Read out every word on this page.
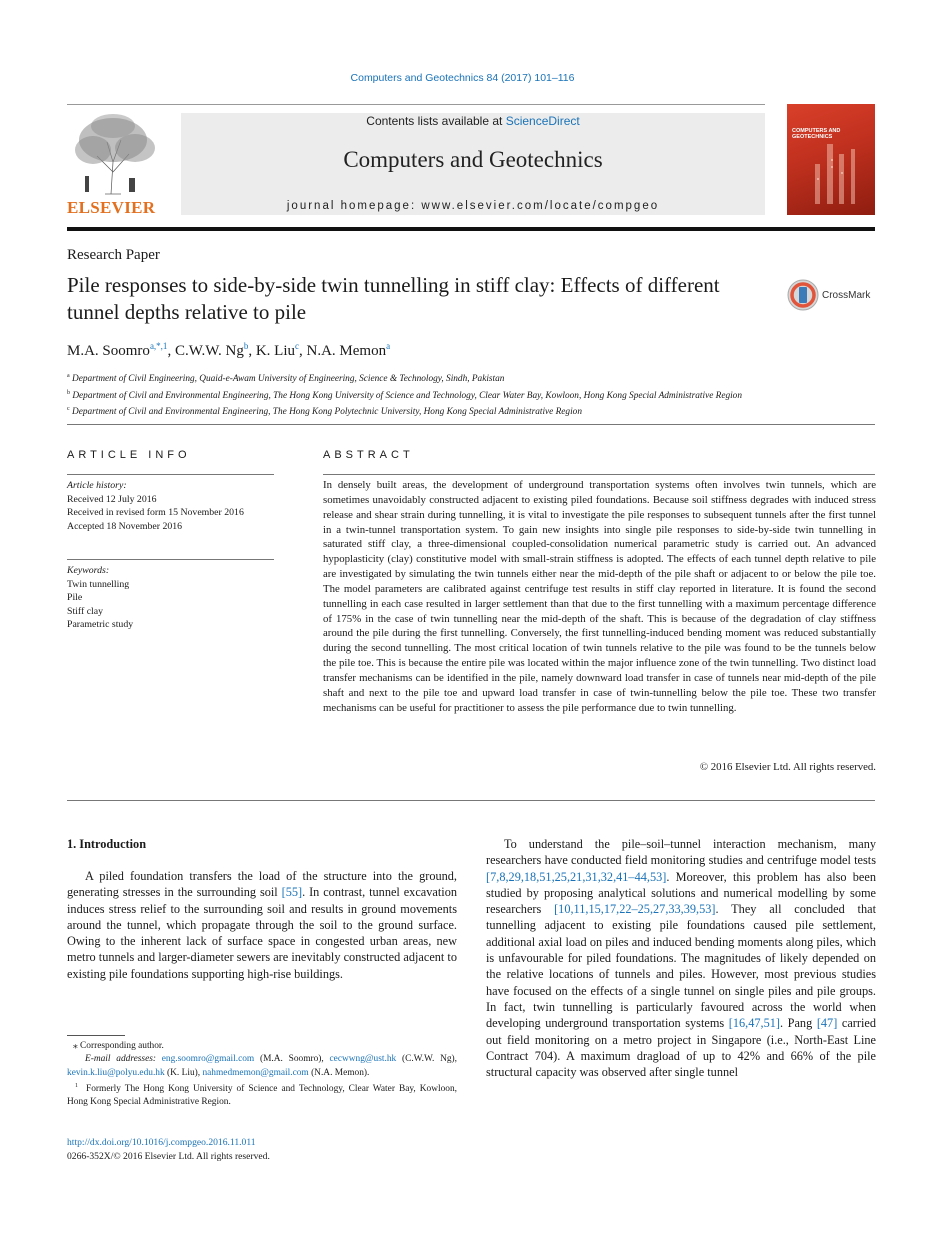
Computers and Geotechnics 84 (2017) 101–116
ELSEVIER
Contents lists available at ScienceDirect
Computers and Geotechnics
journal homepage: www.elsevier.com/locate/compgeo
COMPUTERS AND GEOTECHNICS
Research Paper
Pile responses to side-by-side twin tunnelling in stiff clay: Effects of different tunnel depths relative to pile
CrossMark
M.A. Soomro$^{a,*,1}$, C.W.W. Ng$^b$, K. Liu$^c$, N.A. Memon$^a$
$^a$ Department of Civil Engineering, Quaid-e-Awam University of Engineering, Science & Technology, Sindh, Pakistan
$^b$ Department of Civil and Environmental Engineering, The Hong Kong University of Science and Technology, Clear Water Bay, Kowloon, Hong Kong Special Administrative Region
$^c$ Department of Civil and Environmental Engineering, The Hong Kong Polytechnic University, Hong Kong Special Administrative Region
ARTICLE INFO
Article history:
Received 12 July 2016
Received in revised form 15 November 2016
Accepted 18 November 2016
Keywords:
Twin tunnelling
Pile
Stiff clay
Parametric study
ABSTRACT
In densely built areas, the development of underground transportation systems often involves twin tunnels, which are sometimes unavoidably constructed adjacent to existing piled foundations. Because soil stiffness degrades with induced stress release and shear strain during tunnelling, it is vital to investigate the pile responses to subsequent tunnels after the first tunnel in a twin-tunnel transportation system. To gain new insights into single pile responses to side-by-side twin tunnelling in saturated stiff clay, a three-dimensional coupled-consolidation numerical parametric study is carried out. An advanced hypoplasticity (clay) constitutive model with small-strain stiffness is adopted. The effects of each tunnel depth relative to pile are investigated by simulating the twin tunnels either near the mid-depth of the pile shaft or adjacent to or below the pile toe. The model parameters are calibrated against centrifuge test results in stiff clay reported in literature. It is found the second tunnelling in each case resulted in larger settlement than that due to the first tunnelling with a maximum percentage difference of 175% in the case of twin tunnelling near the mid-depth of the shaft. This is because of the degradation of clay stiffness around the pile during the first tunnelling. Conversely, the first tunnelling-induced bending moment was reduced substantially during the second tunnelling. The most critical location of twin tunnels relative to the pile was found to be the tunnels below the pile toe. This is because the entire pile was located within the major influence zone of the twin tunnelling. Two distinct load transfer mechanisms can be identified in the pile, namely downward load transfer in case of tunnels near mid-depth of the pile shaft and next to the pile toe and upward load transfer in case of twin-tunnelling below the pile toe. These two transfer mechanisms can be useful for practitioner to assess the pile performance due to twin tunnelling.
© 2016 Elsevier Ltd. All rights reserved.
1. Introduction
A piled foundation transfers the load of the structure into the ground, generating stresses in the surrounding soil [55]. In contrast, tunnel excavation induces stress relief to the surrounding soil and results in ground movements around the tunnel, which propagate through the soil to the ground surface. Owing to the inherent lack of surface space in congested urban areas, new metro tunnels and larger-diameter sewers are inevitably constructed adjacent to existing pile foundations supporting high-rise buildings.
To understand the pile–soil–tunnel interaction mechanism, many researchers have conducted field monitoring studies and centrifuge model tests [7,8,29,18,51,25,21,31,32,41–44,53]. Moreover, this problem has also been studied by proposing analytical solutions and numerical modelling by some researchers [10,11,15,17,22–25,27,33,39,53]. They all concluded that tunnelling adjacent to existing pile foundations caused pile settlement, additional axial load on piles and induced bending moments along piles, which is unfavourable for piled foundations. The magnitudes of likely depended on the relative locations of tunnels and piles. However, most previous studies have focused on the effects of a single tunnel on single piles and pile groups. In fact, twin tunnelling is particularly favoured across the world when developing underground transportation systems [16,47,51]. Pang [47] carried out field monitoring on a metro project in Singapore (i.e., North-East Line Contract 704). A maximum dragload of up to 42% and 66% of the pile structural capacity was observed after single tunnel
⁎ Corresponding author.
E-mail addresses: eng.soomro@gmail.com (M.A. Soomro), cecwwng@ust.hk (C.W.W. Ng), kevin.k.liu@polyu.edu.hk (K. Liu), nahmedmemon@gmail.com (N.A. Memon).
$^1$ Formerly The Hong Kong University of Science and Technology, Clear Water Bay, Kowloon, Hong Kong Special Administrative Region.
http://dx.doi.org/10.1016/j.compgeo.2016.11.011
0266-352X/© 2016 Elsevier Ltd. All rights reserved.
